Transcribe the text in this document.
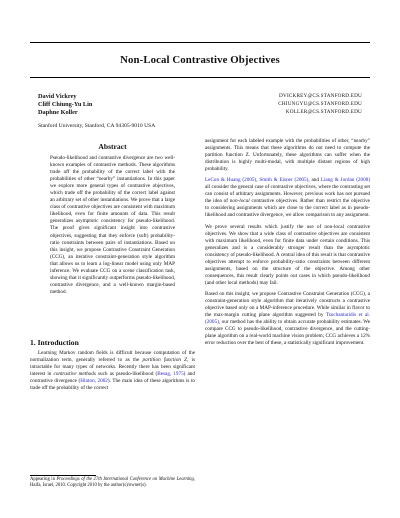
Non-Local Contrastive Objectives
David Vickrey	DVICKREY@CS.STANFORD.EDU
Cliff Chiung-Yu Lin	CHIUNGYU@CS.STANFORD.EDU
Daphne Koller	KOLLER@CS.STANFORD.EDU
Stanford University, Stanford, CA 94305-9010 USA
Abstract

Pseudo-likelihood and contrastive divergence are two well-known examples of contrastive methods. These algorithms trade off the probability of the correct label with the probabilities of other “nearby” instantiations. In this paper we explore more general types of contrastive objectives, which trade off the probability of the correct label against an arbitrary set of other instantiations. We prove that a large class of contrastive objectives are consistent with maximum likelihood, even for finite amounts of data. This result generalizes asymptotic consistency for pseudo-likelihood. The proof gives significant insight into contrastive objectives, suggesting that they enforce (soft) probability-ratio constraints between pairs of instantiations. Based on this insight, we propose Contrastive Constraint Generation (CCG), an iterative constraint-generation style algorithm that allows us to learn a log-linear model using only MAP inference. We evaluate CCG on a scene classification task, showing that it significantly outperforms pseudo-likelihood, contrastive divergence, and a well-known margin-based method.

1. Introduction

Learning Markov random fields is difficult because computation of the normalization term, generally referred to as the partition function Z, is intractable for many types of networks. Recently there has been significant interest in contrastive methods such as pseudo-likelihood (Besag, 1975) and contrastive divergence (Hinton, 2002). The main idea of these algorithms is to trade off the probability of the correct

Appearing in Proceedings of the 27th International Conference on Machine Learning, Haifa, Israel, 2010. Copyright 2010 by the author(s)/owner(s).

assignment for each labeled example with the probabilities of other, “nearby” assignments. This means that these algorithms do not need to compute the partition function Z. Unfortunately, these algorithms can suffer when the distribution is highly multi-modal, with multiple distant regions of high probability.

LeCun & Huang (2005), Smith & Eisner (2005), and Liang & Jordan (2008) all consider the general case of contrastive objectives, where the contrasting set can consist of arbitrary assignments. However, previous work has not pursued the idea of non-local contrastive objectives. Rather than restrict the objective to considering assignments which are close to the correct label as in pseudo-likelihood and contrastive divergence, we allow comparison to any assignment.

We prove several results which justify the use of non-local contrastive objectives. We show that a wide class of contrastive objectives are consistent with maximum likelihood, even for finite data under certain conditions. This generalizes and is a considerably stronger result than the asymptotic consistency of pseudo-likelihood. A central idea of this result is that contrastive objectives attempt to enforce probability-ratio constraints between different assignments, based on the structure of the objective. Among other consequences, this result clearly points out cases in which pseudo-likelihood (and other local methods) may fail.

Based on this insight, we propose Contrastive Constraint Generation (CCG), a constraint-generation style algorithm that iteratively constructs a contrastive objective based only on a MAP-inference procedure. While similar in flavor to the max-margin cutting plane algorithm suggested by Tsochantaridis et al. (2005), our method has the ability to obtain accurate probability estimates. We compare CCG to pseudo-likelihood, contrastive divergence, and the cutting-plane algorithm on a real-world machine vision problem; CCG achieves a 12% error reduction over the best of these, a statistically significant improvement.
